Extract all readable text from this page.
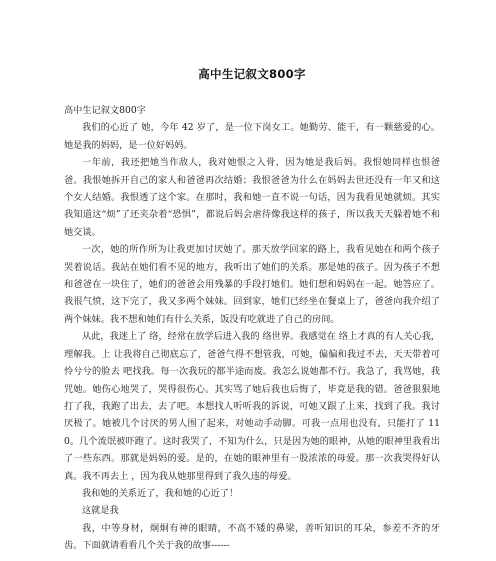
高中生记叙文800字

高中生记叙文800字

我们的心近了 她，今年 42 岁了，是一位下岗女工。她勤劳、能干，有一颗慈爱的心。她是我的妈妈，是一位好妈妈。

一年前，我还把她当作敌人，我对她恨之入骨，因为她是我后妈。我恨她同样也恨爸爸。我恨她拆开自己的家人和爸爸再次结婚；我恨爸爸为什么在妈妈去世还没有一年又和这个女人结婚。我恨透了这个家。在那时，我和她一直不说一句话，因为我看见她就烦。其实我知道这“烦”了还夹杂着“恐惧”，都说后妈会虐待像我这样的孩子，所以我天天躲着她不和她交谈。

一次，她的所作所为让我更加讨厌她了。那天放学回家的路上，我看见她在和两个孩子哭着说话。我站在她们看不见的地方，我听出了她们的关系。那是她的孩子。因为孩子不想和爸爸在一块住了，她们的爸爸会用残暴的手段打她们。她们想和妈妈在一起。她答应了。我很气愤，这下完了，我又多两个妹妹。回到家，她们已经坐在餐桌上了，爸爸向我介绍了两个妹妹。我不想和她们有什么关系，饭没有吃就进了自己的房间。

从此，我迷上了 络，经常在放学后进入我的 络世界。我感觉在 络上才真的有人关心我，理解我。上 让我将自己彻底忘了，爸爸气得不想管我，可她，偏偏和我过不去，天天带着可怜兮兮的脸去 吧找我。每一次我玩的都半途而废。我怎么说她都不行。我急了，我骂她，我咒她。她伤心地哭了，哭得很伤心。其实骂了她后我也后悔了，毕竟是我的错。爸爸狠狠地打了我，我跑了出去，去了吧。本想找人听听我的诉说，可她又跟了上来，找到了我。我讨厌极了。她被几个讨厌的男人围了起来，对她动手动脚。可我一点用也没有，只能打了 110。几个流氓被吓跑了。这时我哭了，不知为什么，只是因为她的眼神，从她的眼神里我看出了一些东西。那就是妈妈的爱。是的，在她的眼神里有一股浓浓的母爱。那一次我哭得好认真。我不再去上 ，因为我从她那里得到了我久违的母爱。

我和她的关系近了，我和她的心近了！

这就是我

我，中等身材，炯炯有神的眼睛，不高不矮的鼻梁，善听知识的耳朵，参差不齐的牙齿。下面就请看看几个关于我的故事------
